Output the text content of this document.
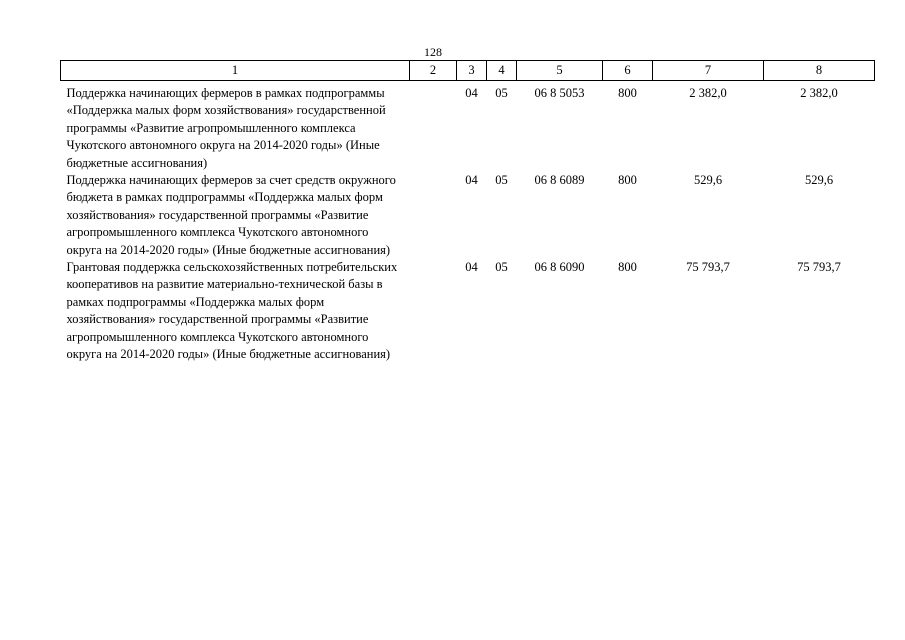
128
1	2	3	4	5	6	7	8
Поддержка начинающих фермеров в рамках подпрограммы «Поддержка малых форм хозяйствования» государственной программы «Развитие агропромышленного комплекса Чукотского автономного округа на 2014-2020 годы» (Иные бюджетные ассигнования)		04	05	06 8 5053	800	2 382,0	2 382,0
Поддержка начинающих фермеров за счет средств окружного бюджета в рамках подпрограммы «Поддержка малых форм хозяйствования» государственной программы «Развитие агропромышленного комплекса Чукотского автономного округа на 2014-2020 годы» (Иные бюджетные ассигнования)		04	05	06 8 6089	800	529,6	529,6
Грантовая поддержка сельскохозяйственных потребительских кооперативов на развитие материально-технической базы в рамках подпрограммы «Поддержка малых форм хозяйствования» государственной программы «Развитие агропромышленного комплекса Чукотского автономного округа на 2014-2020 годы» (Иные бюджетные ассигнования)		04	05	06 8 6090	800	75 793,7	75 793,7
